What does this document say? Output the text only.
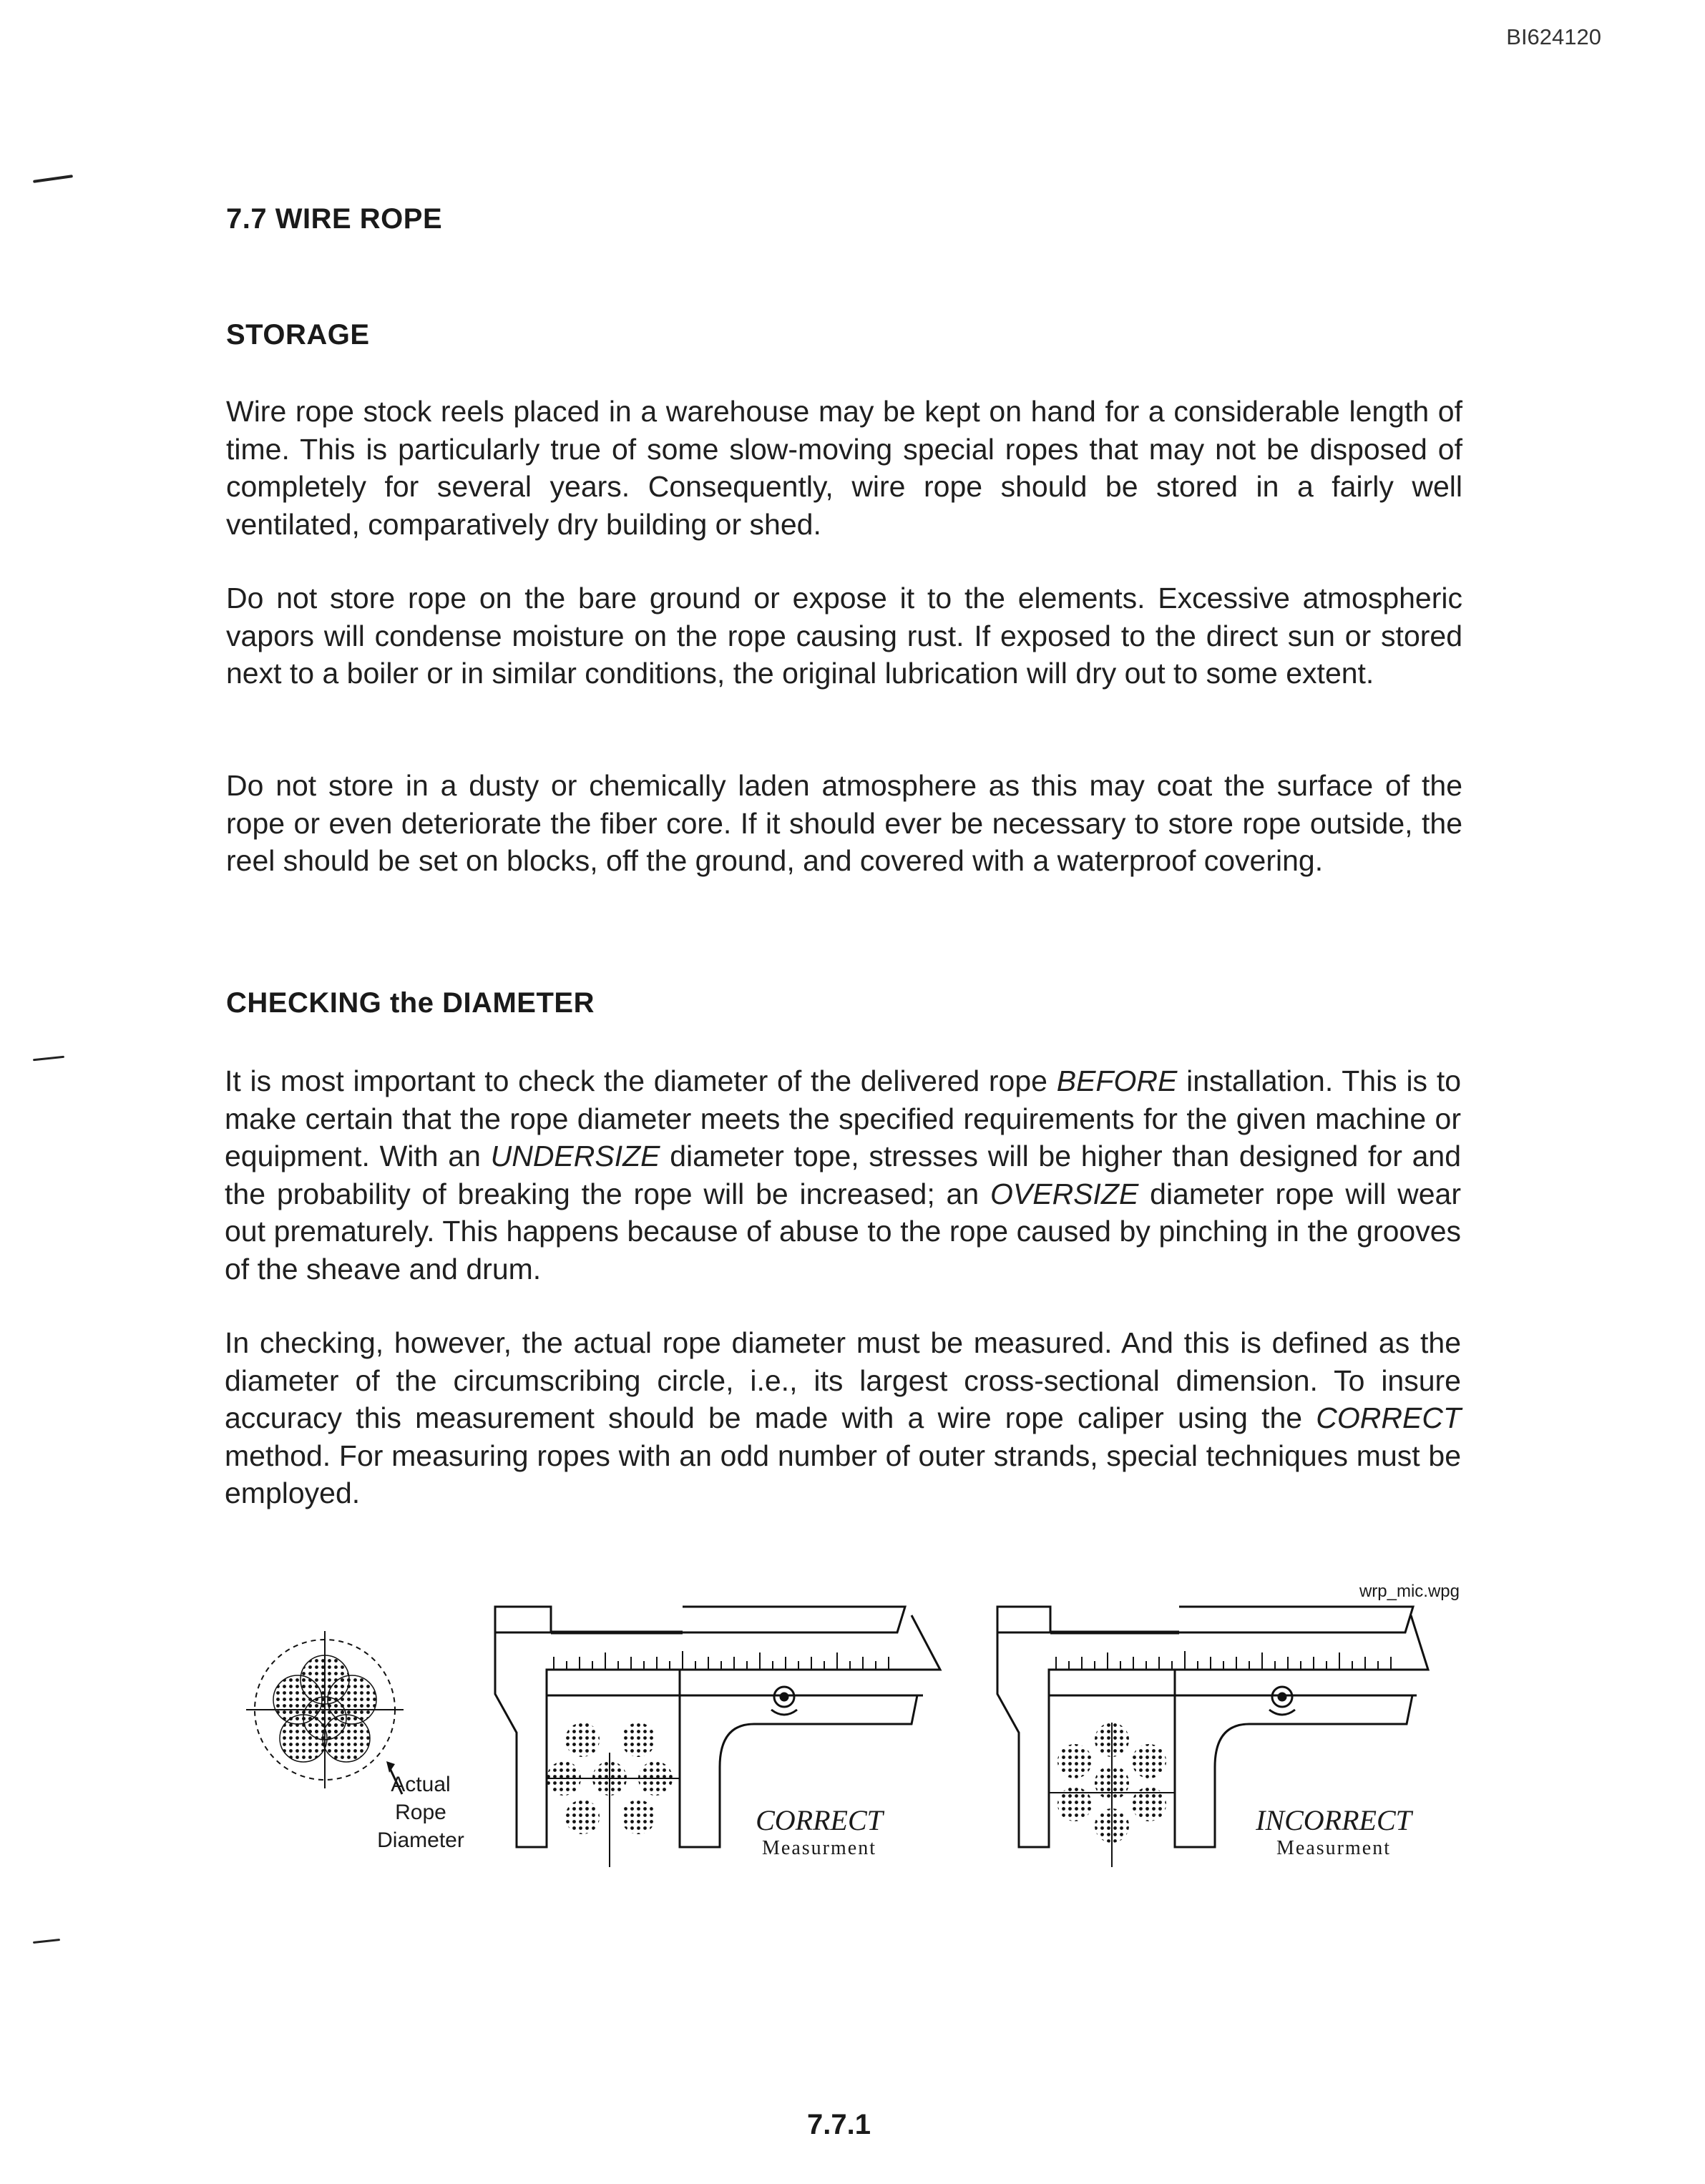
BI624120
7.7 WIRE ROPE
STORAGE
Wire rope stock reels placed in a warehouse may be kept on hand for a considerable length of time. This is particularly true of some slow-moving special ropes that may not be disposed of completely for several years. Consequently, wire rope should be stored in a fairly well ventilated, comparatively dry building or shed.
Do not store rope on the bare ground or expose it to the elements. Excessive atmospheric vapors will condense moisture on the rope causing rust. If exposed to the direct sun or stored next to a boiler or in similar conditions, the original lubrication will dry out to some extent.
Do not store in a dusty or chemically laden atmosphere as this may coat the surface of the rope or even deteriorate the fiber core. If it should ever be necessary to store rope outside, the reel should be set on blocks, off the ground, and covered with a waterproof covering.
CHECKING the DIAMETER
It is most important to check the diameter of the delivered rope BEFORE installation. This is to make certain that the rope diameter meets the specified requirements for the given machine or equipment. With an UNDERSIZE diameter tope, stresses will be higher than designed for and the probability of breaking the rope will be increased; an OVERSIZE diameter rope will wear out prematurely. This happens because of abuse to the rope caused by pinching in the grooves of the sheave and drum.
In checking, however, the actual rope diameter must be measured. And this is defined as the diameter of the circumscribing circle, i.e., its largest cross-sectional dimension. To insure accuracy this measurement should be made with a wire rope caliper using the CORRECT method. For measuring ropes with an odd number of outer strands, special techniques must be employed.
Actual
Rope
Diameter
CORRECT
Measurment
wrp_mic.wpg
INCORRECT
Measurment
7.7.1
